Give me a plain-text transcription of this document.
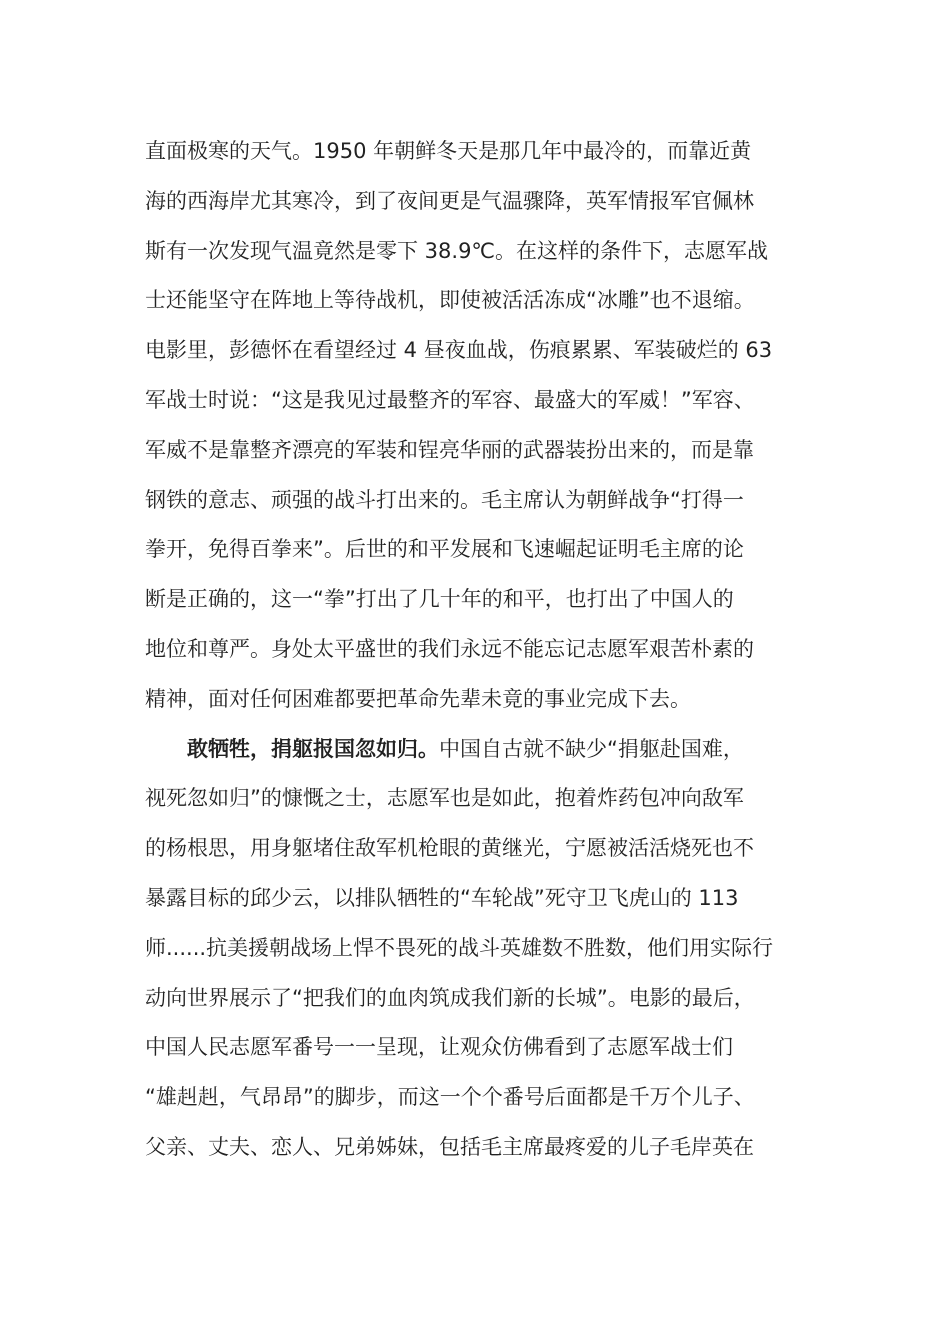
直面极寒的天气。1950 年朝鲜冬天是那几年中最冷的，而靠近黄
海的西海岸尤其寒冷，到了夜间更是气温骤降，英军情报军官佩林
斯有一次发现气温竟然是零下 38.9℃。在这样的条件下，志愿军战
士还能坚守在阵地上等待战机，即使被活活冻成“冰雕”也不退缩。
电影里，彭德怀在看望经过 4 昼夜血战，伤痕累累、军装破烂的 63
军战士时说：“这是我见过最整齐的军容、最盛大的军威！”军容、
军威不是靠整齐漂亮的军装和锃亮华丽的武器装扮出来的，而是靠
钢铁的意志、顽强的战斗打出来的。毛主席认为朝鲜战争“打得一
拳开，免得百拳来”。后世的和平发展和飞速崛起证明毛主席的论
断是正确的，这一“拳”打出了几十年的和平，也打出了中国人的
地位和尊严。身处太平盛世的我们永远不能忘记志愿军艰苦朴素的
精神，面对任何困难都要把革命先辈未竟的事业完成下去。
敢牺牲，捐躯报国忽如归。中国自古就不缺少“捐躯赴国难，
视死忽如归”的慷慨之士，志愿军也是如此，抱着炸药包冲向敌军
的杨根思，用身躯堵住敌军机枪眼的黄继光，宁愿被活活烧死也不
暴露目标的邱少云，以排队牺牲的“车轮战”死守卫飞虎山的 113
师......抗美援朝战场上悍不畏死的战斗英雄数不胜数，他们用实际行
动向世界展示了“把我们的血肉筑成我们新的长城”。电影的最后，
中国人民志愿军番号一一呈现，让观众仿佛看到了志愿军战士们
“雄赳赳，气昂昂”的脚步，而这一个个番号后面都是千万个儿子、
父亲、丈夫、恋人、兄弟姊妹，包括毛主席最疼爱的儿子毛岸英在
